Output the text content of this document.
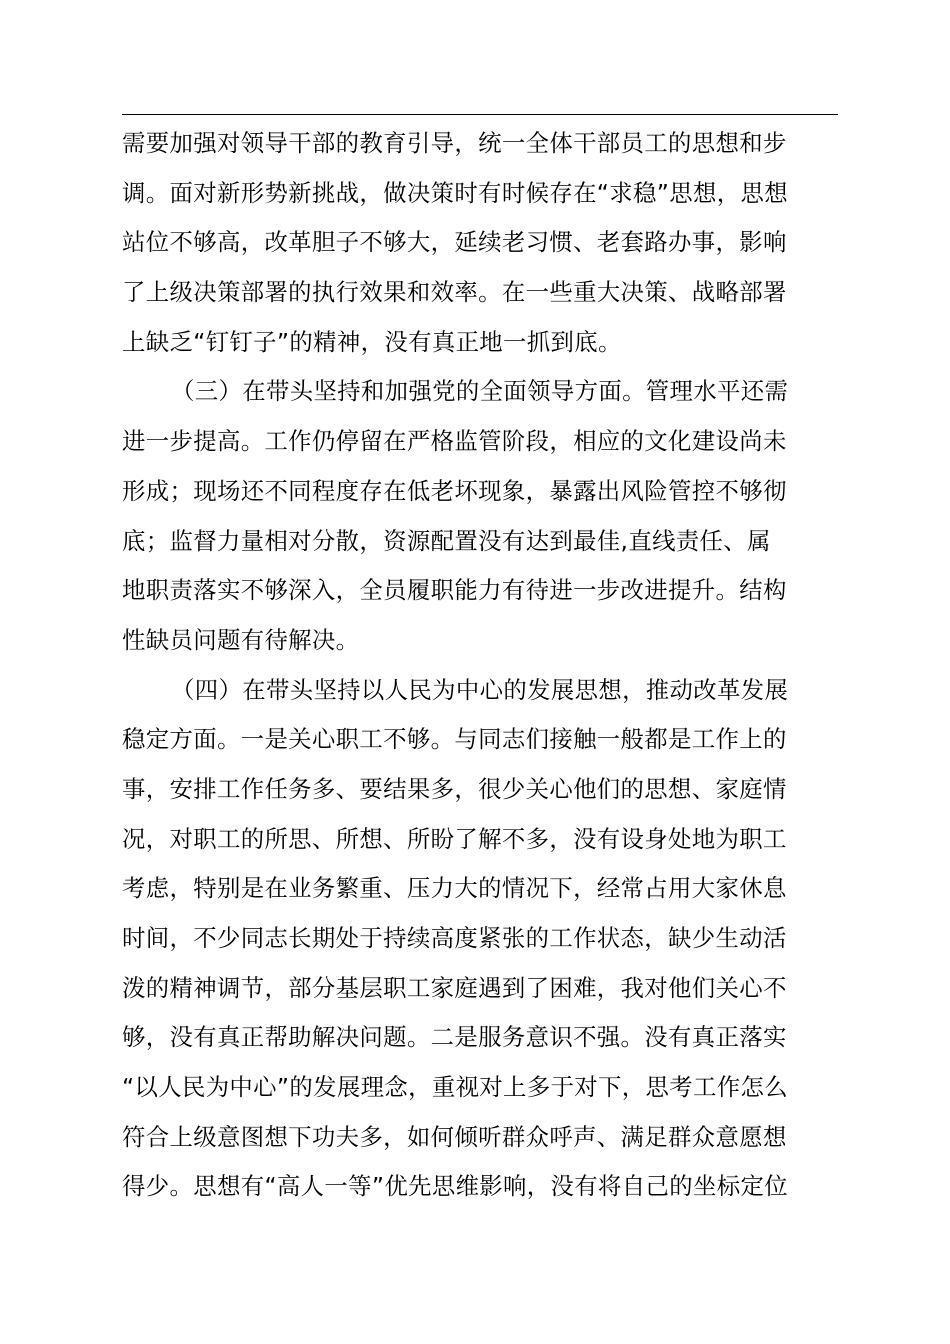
需要加强对领导干部的教育引导，统一全体干部员工的思想和步
调。面对新形势新挑战，做决策时有时候存在“求稳”思想，思想
站位不够高，改革胆子不够大，延续老习惯、老套路办事，影响
了上级决策部署的执行效果和效率。在一些重大决策、战略部署
上缺乏“钉钉子”的精神，没有真正地一抓到底。
（三）在带头坚持和加强党的全面领导方面。管理水平还需
进一步提高。工作仍停留在严格监管阶段，相应的文化建设尚未
形成；现场还不同程度存在低老坏现象，暴露出风险管控不够彻
底；监督力量相对分散，资源配置没有达到最佳,直线责任、属
地职责落实不够深入，全员履职能力有待进一步改进提升。结构
性缺员问题有待解决。
（四）在带头坚持以人民为中心的发展思想，推动改革发展
稳定方面。一是关心职工不够。与同志们接触一般都是工作上的
事，安排工作任务多、要结果多，很少关心他们的思想、家庭情
况，对职工的所思、所想、所盼了解不多，没有设身处地为职工
考虑，特别是在业务繁重、压力大的情况下，经常占用大家休息
时间，不少同志长期处于持续高度紧张的工作状态，缺少生动活
泼的精神调节，部分基层职工家庭遇到了困难，我对他们关心不
够，没有真正帮助解决问题。二是服务意识不强。没有真正落实
“以人民为中心”的发展理念，重视对上多于对下，思考工作怎么
符合上级意图想下功夫多，如何倾听群众呼声、满足群众意愿想
得少。思想有“高人一等”优先思维影响，没有将自己的坐标定位
